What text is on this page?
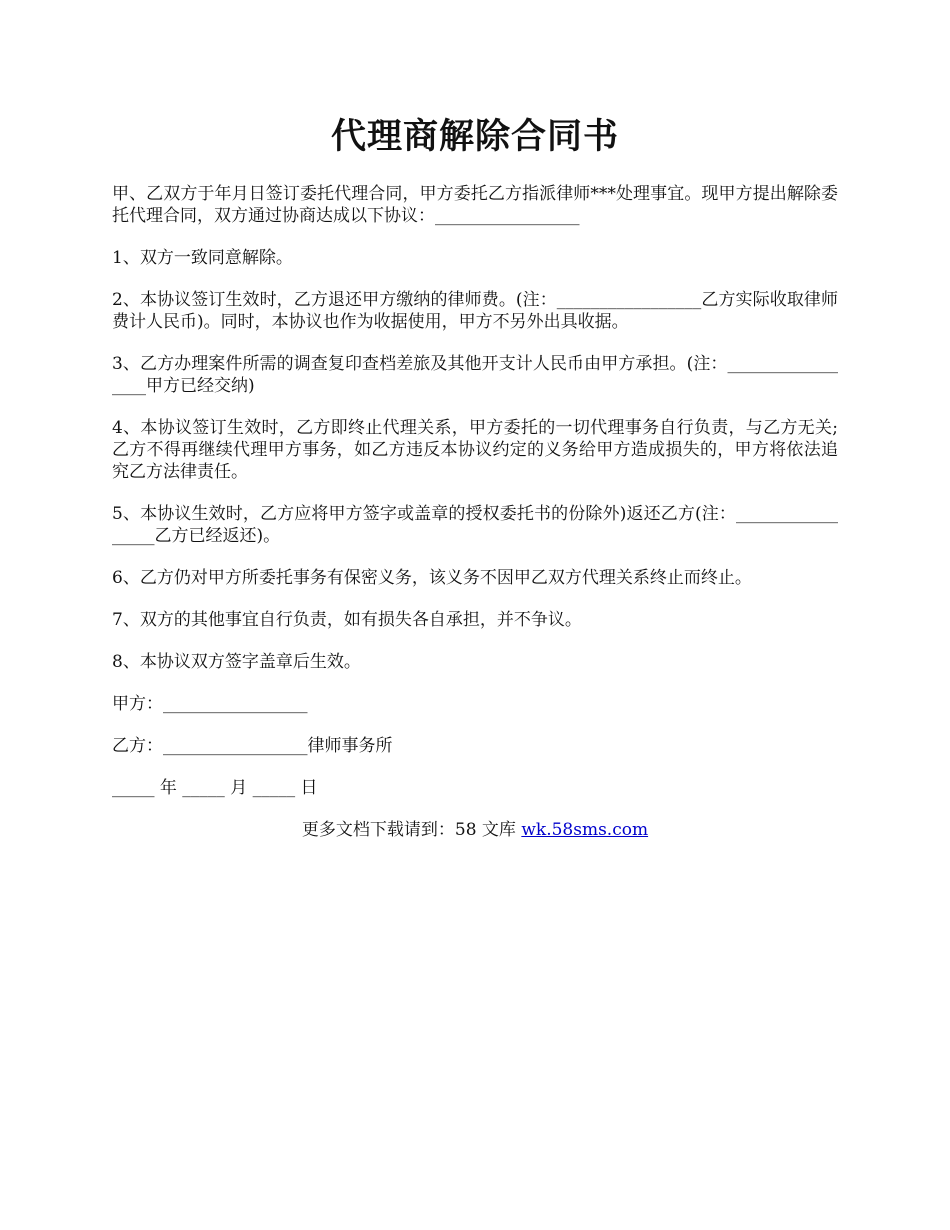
代理商解除合同书

甲、乙双方于年月日签订委托代理合同，甲方委托乙方指派律师***处理事宜。现甲方提出解除委托代理合同，双方通过协商达成以下协议：_________________

1、双方一致同意解除。

2、本协议签订生效时，乙方退还甲方缴纳的律师费。(注：_________________乙方实际收取律师费计人民币)。同时，本协议也作为收据使用，甲方不另外出具收据。

3、乙方办理案件所需的调查复印查档差旅及其他开支计人民币由甲方承担。(注：_________________甲方已经交纳)

4、本协议签订生效时，乙方即终止代理关系，甲方委托的一切代理事务自行负责，与乙方无关;乙方不得再继续代理甲方事务，如乙方违反本协议约定的义务给甲方造成损失的，甲方将依法追究乙方法律责任。

5、本协议生效时，乙方应将甲方签字或盖章的授权委托书的份除外)返还乙方(注：_________________乙方已经返还)。

6、乙方仍对甲方所委托事务有保密义务，该义务不因甲乙双方代理关系终止而终止。

7、双方的其他事宜自行负责，如有损失各自承担，并不争议。

8、本协议双方签字盖章后生效。

甲方：_________________

乙方：_________________律师事务所

_____ 年 _____ 月 _____ 日

更多文档下载请到：58 文库 wk.58sms.com
